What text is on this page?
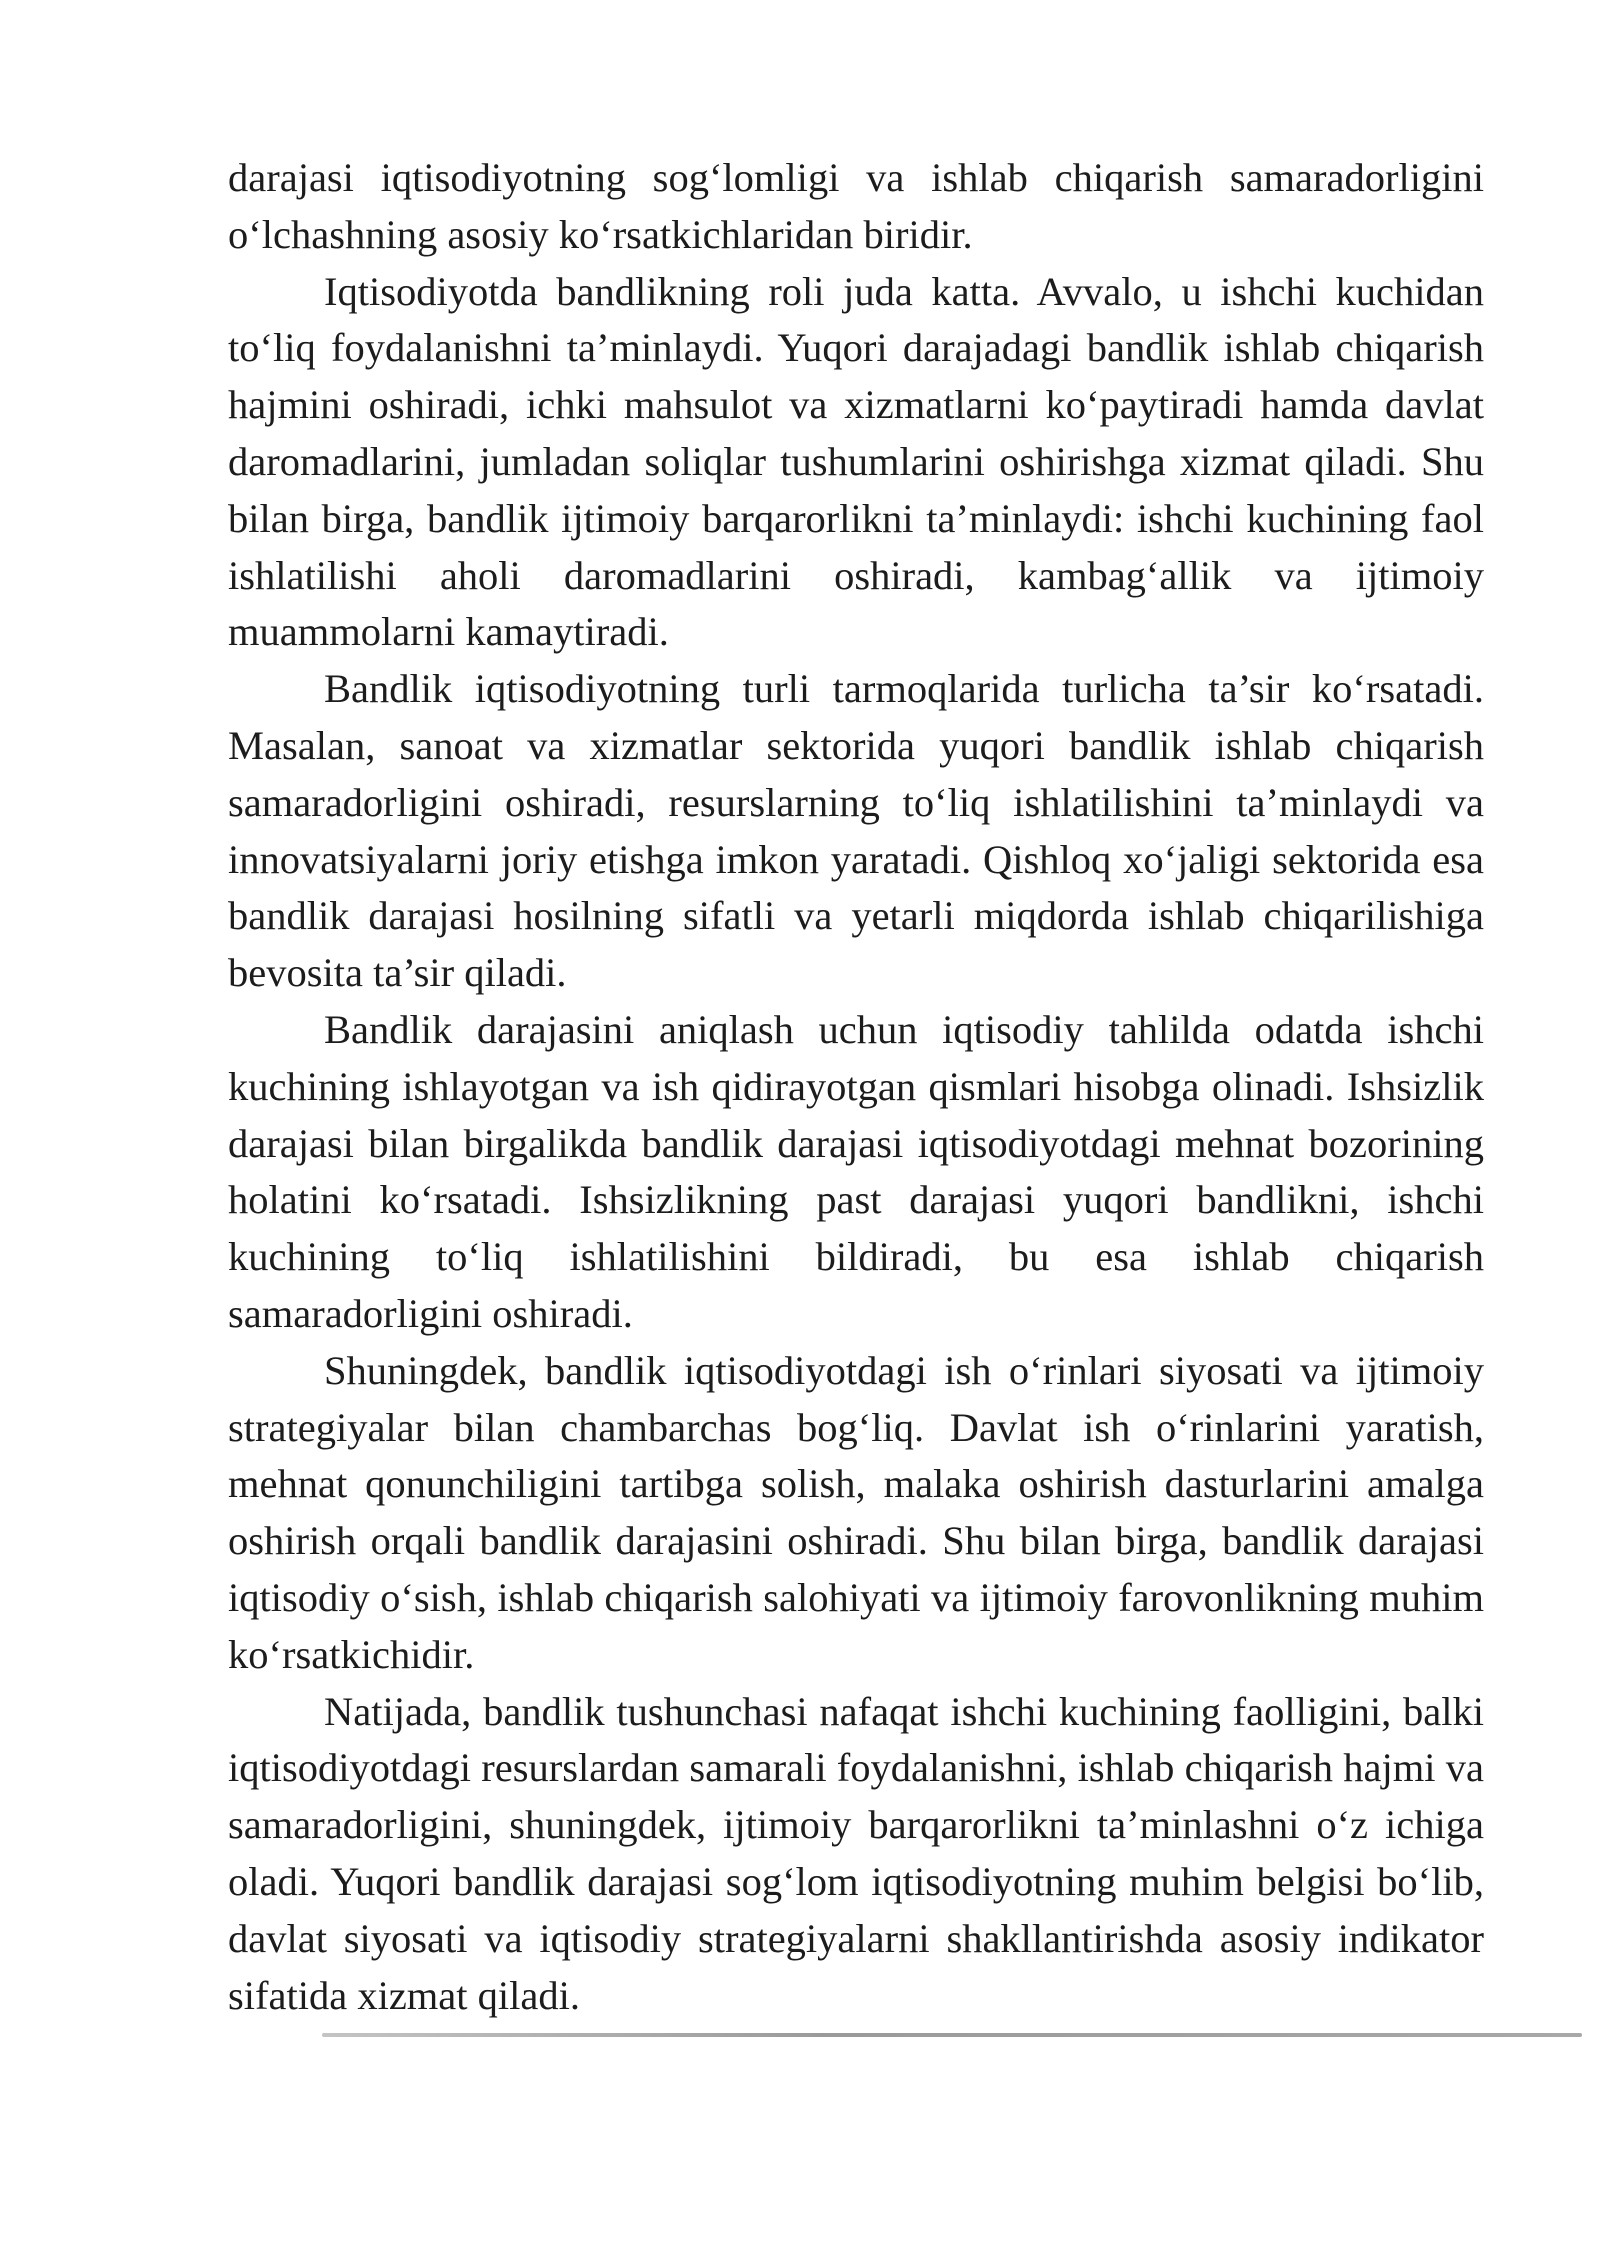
darajasi iqtisodiyotning sog‘lomligi va ishlab chiqarish samaradorligini o‘lchashning asosiy ko‘rsatkichlaridan biridir.

Iqtisodiyotda bandlikning roli juda katta. Avvalo, u ishchi kuchidan to‘liq foydalanishni ta’minlaydi. Yuqori darajadagi bandlik ishlab chiqarish hajmini oshiradi, ichki mahsulot va xizmatlarni ko‘paytiradi hamda davlat daromadlarini, jumladan soliqlar tushumlarini oshirishga xizmat qiladi. Shu bilan birga, bandlik ijtimoiy barqarorlikni ta’minlaydi: ishchi kuchining faol ishlatilishi aholi daromadlarini oshiradi, kambag‘allik va ijtimoiy muammolarni kamaytiradi.

Bandlik iqtisodiyotning turli tarmoqlarida turlicha ta’sir ko‘rsatadi. Masalan, sanoat va xizmatlar sektorida yuqori bandlik ishlab chiqarish samaradorligini oshiradi, resurslarning to‘liq ishlatilishini ta’minlaydi va innovatsiyalarni joriy etishga imkon yaratadi. Qishloq xo‘jaligi sektorida esa bandlik darajasi hosilning sifatli va yetarli miqdorda ishlab chiqarilishiga bevosita ta’sir qiladi.

Bandlik darajasini aniqlash uchun iqtisodiy tahlilda odatda ishchi kuchining ishlayotgan va ish qidirayotgan qismlari hisobga olinadi. Ishsizlik darajasi bilan birgalikda bandlik darajasi iqtisodiyotdagi mehnat bozorining holatini ko‘rsatadi. Ishsizlikning past darajasi yuqori bandlikni, ishchi kuchining to‘liq ishlatilishini bildiradi, bu esa ishlab chiqarish samaradorligini oshiradi.

Shuningdek, bandlik iqtisodiyotdagi ish o‘rinlari siyosati va ijtimoiy strategiyalar bilan chambarchas bog‘liq. Davlat ish o‘rinlarini yaratish, mehnat qonunchiligini tartibga solish, malaka oshirish dasturlarini amalga oshirish orqali bandlik darajasini oshiradi. Shu bilan birga, bandlik darajasi iqtisodiy o‘sish, ishlab chiqarish salohiyati va ijtimoiy farovonlikning muhim ko‘rsatkichidir.

Natijada, bandlik tushunchasi nafaqat ishchi kuchining faolligini, balki iqtisodiyotdagi resurslardan samarali foydalanishni, ishlab chiqarish hajmi va samaradorligini, shuningdek, ijtimoiy barqarorlikni ta’minlashni o‘z ichiga oladi. Yuqori bandlik darajasi sog‘lom iqtisodiyotning muhim belgisi bo‘lib, davlat siyosati va iqtisodiy strategiyalarni shakllantirishda asosiy indikator sifatida xizmat qiladi.
